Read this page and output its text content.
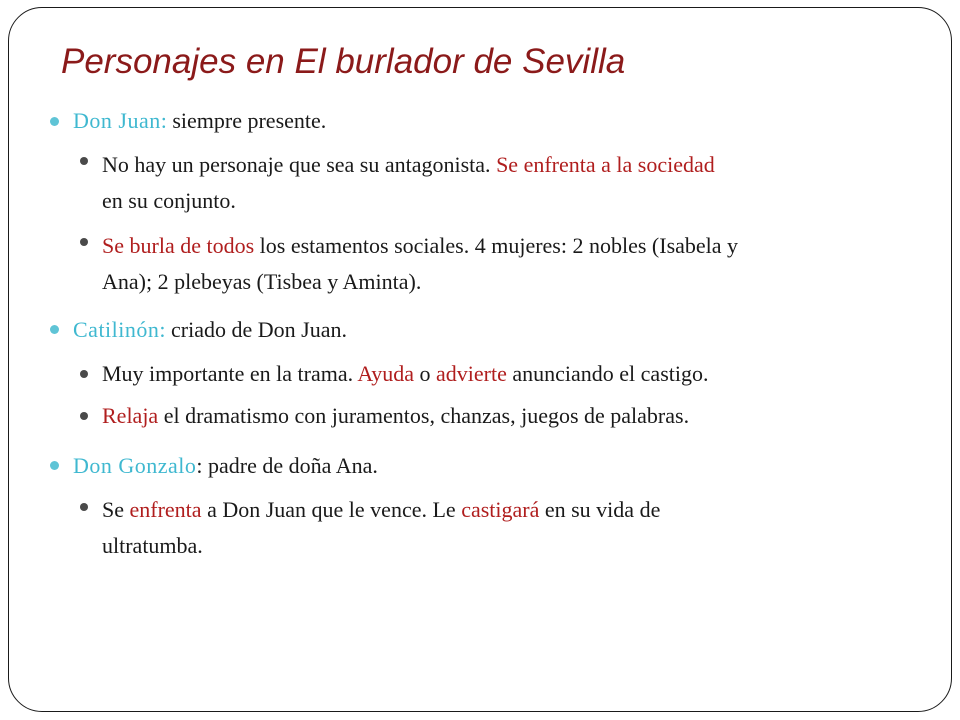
Personajes en El burlador de Sevilla

Don Juan: siempre presente.

No hay un personaje que sea su antagonista. Se enfrenta a la sociedad
en su conjunto.

Se burla de todos los estamentos sociales. 4 mujeres: 2 nobles (Isabela y
Ana); 2 plebeyas (Tisbea y Aminta).

Catilinón: criado de Don Juan.

Muy importante en la trama. Ayuda o advierte anunciando el castigo.

Relaja el dramatismo con juramentos, chanzas, juegos de palabras.

Don Gonzalo: padre de doña Ana.

Se enfrenta a Don Juan que le vence. Le castigará en su vida de
ultratumba.
